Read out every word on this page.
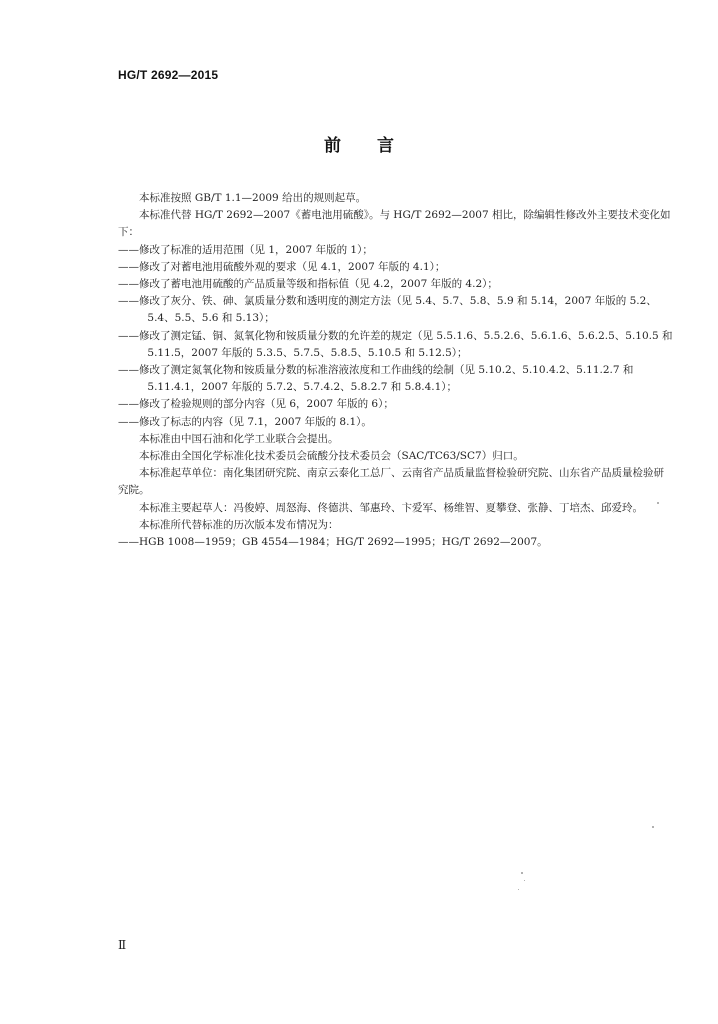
HG/T 2692—2015
前 言

本标准按照 GB/T 1.1—2009 给出的规则起草。

本标准代替 HG/T 2692—2007《蓄电池用硫酸》。与 HG/T 2692—2007 相比，除编辑性修改外主要技术变化如下：

——修改了标准的适用范围（见 1，2007 年版的 1）；

——修改了对蓄电池用硫酸外观的要求（见 4.1，2007 年版的 4.1）；

——修改了蓄电池用硫酸的产品质量等级和指标值（见 4.2，2007 年版的 4.2）；

——修改了灰分、铁、砷、氯质量分数和透明度的测定方法（见 5.4、5.7、5.8、5.9 和 5.14，2007 年版的 5.2、5.4、5.5、5.6 和 5.13）；

——修改了测定锰、铜、氮氧化物和铵质量分数的允许差的规定（见 5.5.1.6、5.5.2.6、5.6.1.6、5.6.2.5、5.10.5 和 5.11.5，2007 年版的 5.3.5、5.7.5、5.8.5、5.10.5 和 5.12.5）；

——修改了测定氮氧化物和铵质量分数的标准溶液浓度和工作曲线的绘制（见 5.10.2、5.10.4.2、5.11.2.7 和 5.11.4.1，2007 年版的 5.7.2、5.7.4.2、5.8.2.7 和 5.8.4.1）；

——修改了检验规则的部分内容（见 6，2007 年版的 6）；

——修改了标志的内容（见 7.1，2007 年版的 8.1）。

本标准由中国石油和化学工业联合会提出。

本标准由全国化学标准化技术委员会硫酸分技术委员会（SAC/TC63/SC7）归口。

本标准起草单位：南化集团研究院、南京云泰化工总厂、云南省产品质量监督检验研究院、山东省产品质量检验研究院。

本标准主要起草人：冯俊婷、周怒海、佟德洪、邹惠玲、卞爱军、杨维智、夏攀登、张静、丁培杰、邱爱玲。

本标准所代替标准的历次版本发布情况为：

——HGB 1008—1959；GB 4554—1984；HG/T 2692—1995；HG/T 2692—2007。

Ⅱ
